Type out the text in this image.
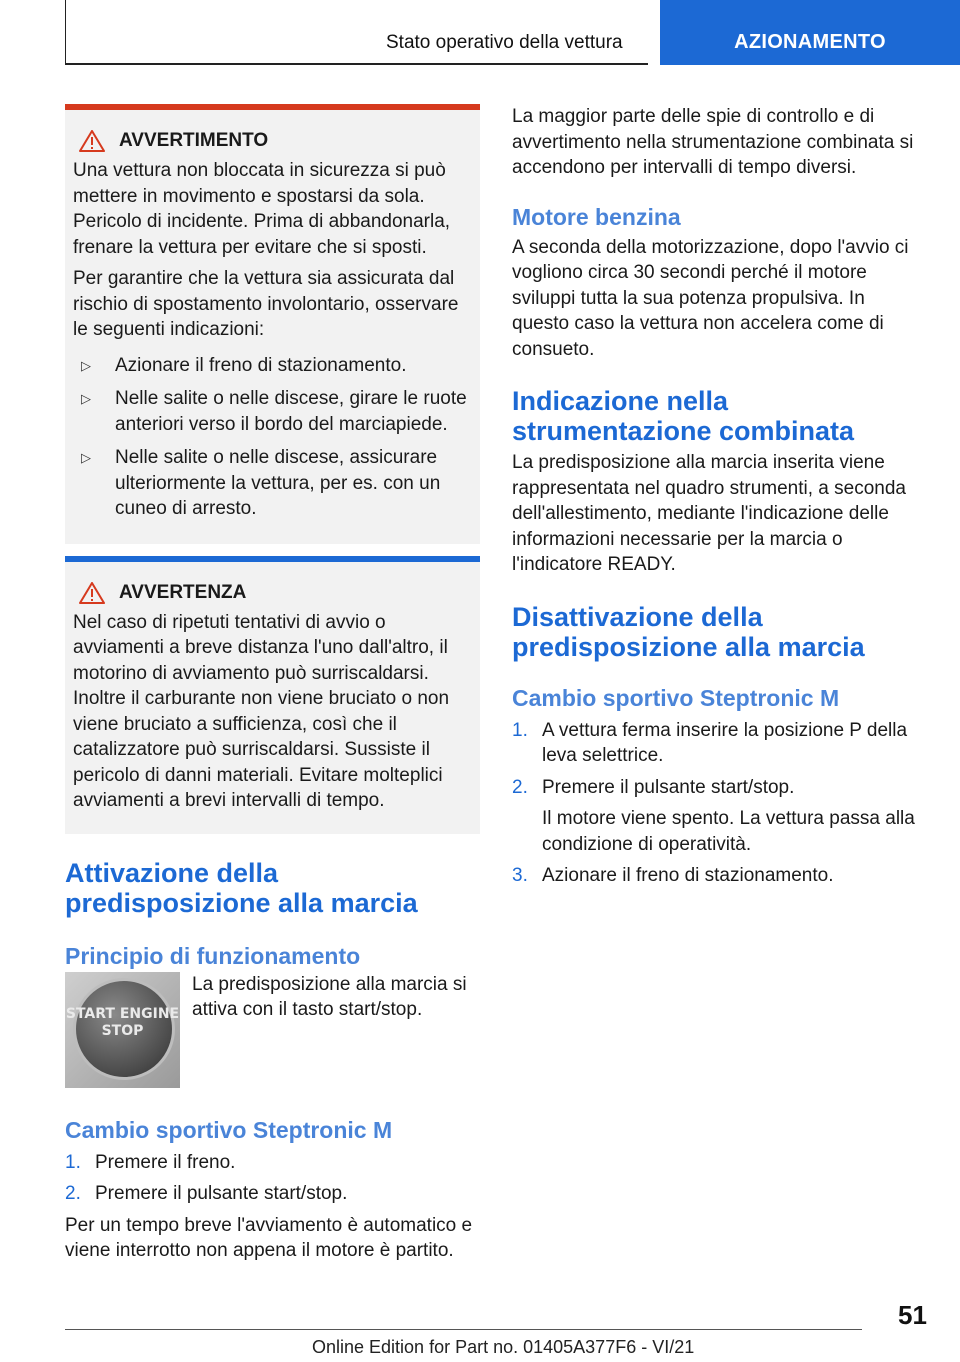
Stato operativo della vettura	AZIONAMENTO
AVVERTIMENTO

Una vettura non bloccata in sicurezza si può mettere in movimento e spostarsi da sola. Pericolo di incidente. Prima di abbandonarla, frenare la vettura per evitare che si sposti.

Per garantire che la vettura sia assicurata dal rischio di spostamento involontario, osservare le seguenti indicazioni:

▷	Azionare il freno di stazionamento.
▷	Nelle salite o nelle discese, girare le ruote anteriori verso il bordo del marciapiede.
▷	Nelle salite o nelle discese, assicurare ulteriormente la vettura, per es. con un cuneo di arresto.
AVVERTENZA

Nel caso di ripetuti tentativi di avvio o avviamenti a breve distanza l'uno dall'altro, il motorino di avviamento può surriscaldarsi. Inoltre il carburante non viene bruciato o non viene bruciato a sufficienza, così che il catalizzatore può surriscaldarsi. Sussiste il pericolo di danni materiali. Evitare molteplici avviamenti a brevi intervalli di tempo.

Attivazione della predisposizione alla marcia
Principio di funzionamento
START ENGINE STOP

La predisposizione alla marcia si attiva con il tasto start/stop.

Cambio sportivo Steptronic M
1. Premere il freno.
2. Premere il pulsante start/stop.

Per un tempo breve l'avviamento è automatico e viene interrotto non appena il motore è partito.

La maggior parte delle spie di controllo e di avvertimento nella strumentazione combinata si accendono per intervalli di tempo diversi.

Motore benzina

A seconda della motorizzazione, dopo l'avvio ci vogliono circa 30 secondi perché il motore sviluppi tutta la sua potenza propulsiva. In questo caso la vettura non accelera come di consueto.

Indicazione nella strumentazione combinata

La predisposizione alla marcia inserita viene rappresentata nel quadro strumenti, a seconda dell'allestimento, mediante l'indicazione delle informazioni necessarie per la marcia o l'indicatore READY.

Disattivazione della predisposizione alla marcia
Cambio sportivo Steptronic M
1. A vettura ferma inserire la posizione P della leva selettrice.
2. Premere il pulsante start/stop.

Il motore viene spento. La vettura passa alla condizione di operatività.
3. Azionare il freno di stazionamento.
51
Online Edition for Part no. 01405A377F6 - VI/21
